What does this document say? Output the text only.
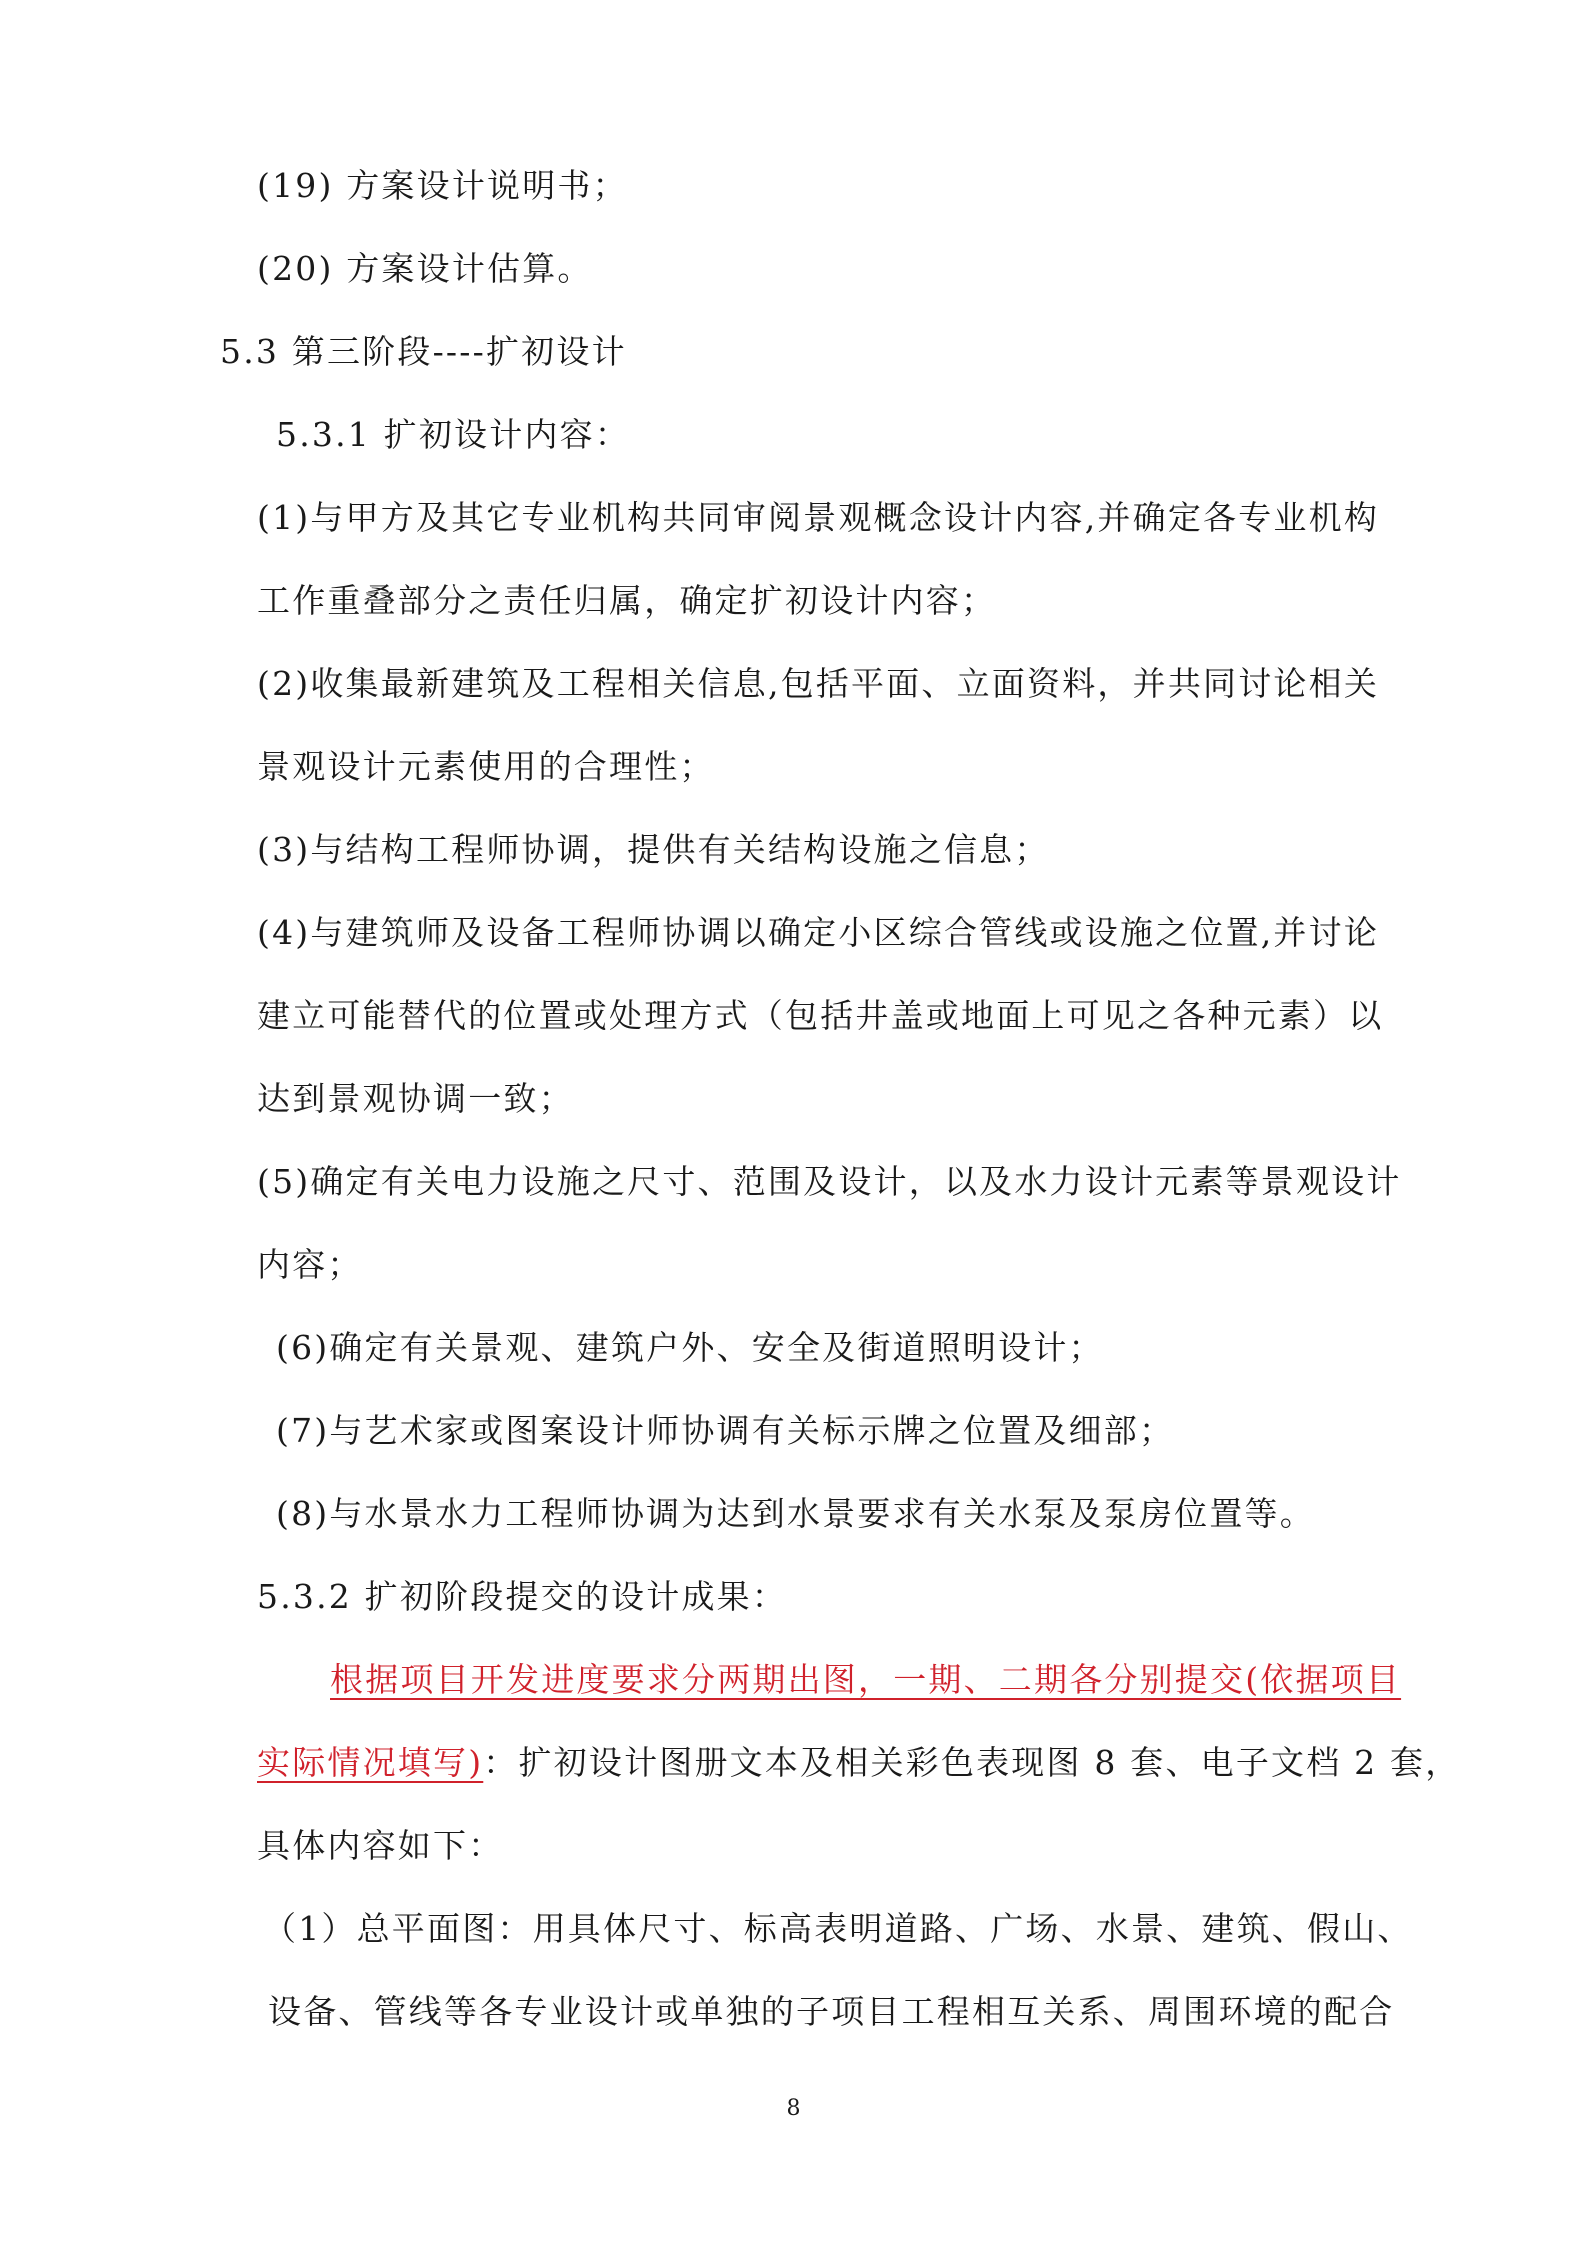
(19) 方案设计说明书；

(20) 方案设计估算。

5.3 第三阶段----扩初设计

5.3.1 扩初设计内容：

(1)与甲方及其它专业机构共同审阅景观概念设计内容,并确定各专业机构

工作重叠部分之责任归属，确定扩初设计内容；

(2)收集最新建筑及工程相关信息,包括平面、立面资料，并共同讨论相关

景观设计元素使用的合理性；

(3)与结构工程师协调，提供有关结构设施之信息；

(4)与建筑师及设备工程师协调以确定小区综合管线或设施之位置,并讨论

建立可能替代的位置或处理方式（包括井盖或地面上可见之各种元素）以

达到景观协调一致；

(5)确定有关电力设施之尺寸、范围及设计，以及水力设计元素等景观设计

内容；

(6)确定有关景观、建筑户外、安全及街道照明设计；

(7)与艺术家或图案设计师协调有关标示牌之位置及细部；

(8)与水景水力工程师协调为达到水景要求有关水泵及泵房位置等。

5.3.2 扩初阶段提交的设计成果：

根据项目开发进度要求分两期出图，一期、二期各分别提交(依据项目

实际情况填写)：扩初设计图册文本及相关彩色表现图 8 套、电子文档 2 套，

具体内容如下：

（1）总平面图：用具体尺寸、标高表明道路、广场、水景、建筑、假山、

设备、管线等各专业设计或单独的子项目工程相互关系、周围环境的配合

8
